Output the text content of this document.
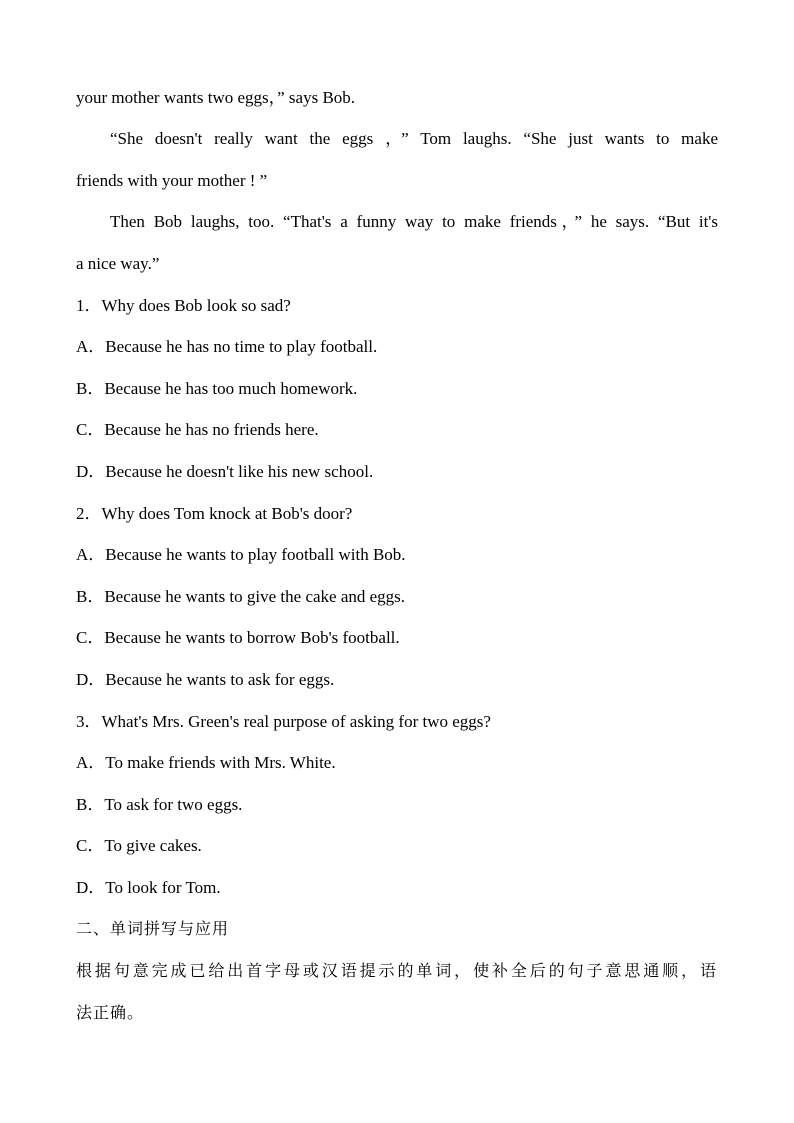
your mother wants two eggs，” says Bob.
“She doesn't really want the eggs ，” Tom laughs. “She just wants to make
friends with your mother ! ”
Then Bob laughs, too. “That's a funny way to make friends，” he says. “But it's
a nice way.”
1．Why does Bob look so sad?
A．Because he has no time to play football.
B．Because he has too much homework.
C．Because he has no friends here.
D．Because he doesn't like his new school.
2．Why does Tom knock at Bob's door?
A．Because he wants to play football with Bob.
B．Because he wants to give the cake and eggs.
C．Because he wants to borrow Bob's football.
D．Because he wants to ask for eggs.
3．What's Mrs. Green's real purpose of asking for two eggs?
A．To make friends with Mrs. White.
B．To ask for two eggs.
C．To give cakes.
D．To look for Tom.
二、单词拼写与应用
根据句意完成已给出首字母或汉语提示的单词，使补全后的句子意思通顺，语
法正确。
